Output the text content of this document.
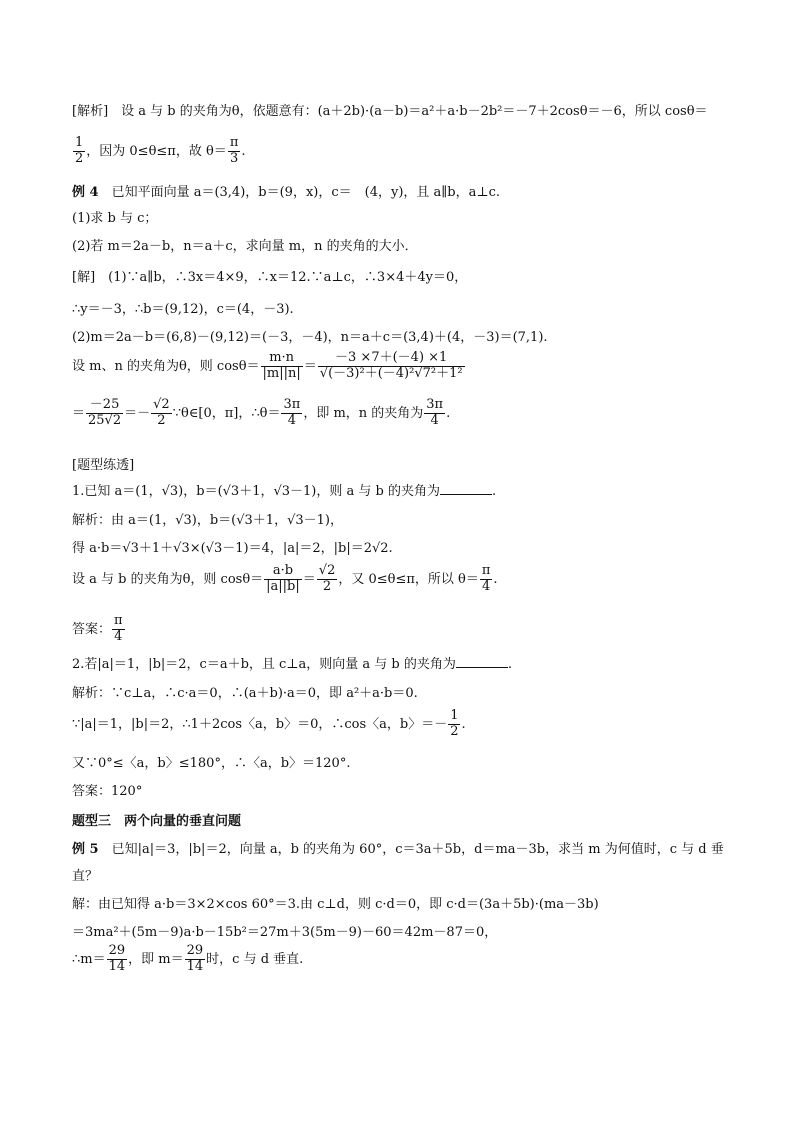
[解析]　设 a 与 b 的夹角为θ，依题意有：(a＋2b)·(a－b)＝a²＋a·b－2b²＝－7＋2cosθ＝－6，所以 cosθ＝
$\frac{1}{2}$ ，因为 0≤θ≤π，故 $\theta= \frac{\pi}{3}$ .
例 4　已知平面向量 a＝(3,4)，b＝(9，x)，c＝　(4，y)，且 a∥b，a⊥c.
(1)求 b 与 c；
(2)若 m＝2a－b，n＝a＋c，求向量 m，n 的夹角的大小．
[解]　(1)∵a∥b，∴3x＝4×9，∴x＝12.∵a⊥c，∴3×4＋4y＝0，
∴y＝－3，∴b＝(9,12)，c＝(4，－3).
(2)m＝2a－b＝(6,8)－(9,12)＝(－3，－4)，n＝a＋c＝(3,4)＋(4，－3)＝(7,1).
设 m、n 的夹角为θ，则 $\cos\theta= \frac{m\cdot n}{|m||n|} = \frac{-3 \times 7+(-4) \times 1}{\text{√(－3)²＋(－4)²√7²＋1²}}$
＝ $\frac{-25}{25√2} =- \frac{√2}{2}$ ∵θ∈[0，π]，∴θ＝ $\frac{3\pi}{4}$ ，即 m，n 的夹角为 $\frac{3\pi}{4}$ .
[题型练透]
1.已知 a＝(1，√3)，b＝(√3＋1，√3－1)，则 a 与 b 的夹角为	.
解析：由 a＝(1，√3)，b＝(√3＋1，√3－1)，
得 a·b＝√3＋1＋√3×(√3－1)＝4，|a|＝2，|b|＝2√2.
设 a 与 b 的夹角为θ，则 $\cos\theta= \frac{a\cdot b}{|a||b|} = \frac{√2}{2}$ ，又 0≤θ≤π，所以 $\theta= \frac{\pi}{4}$ .
答案： $\frac{\pi}{4}$
2.若|a|＝1，|b|＝2，c＝a＋b，且 c⊥a，则向量 a 与 b 的夹角为	.
解析：∵c⊥a，∴c·a＝0，∴(a＋b)·a＝0，即 a²＋a·b＝0.
∵|a|＝1，|b|＝2，∴1＋2cos〈a，b〉＝0，∴cos〈a，b〉＝－ $\frac{1}{2}$ .
又∵0°≤〈a，b〉≤180°，∴〈a，b〉＝120°.
答案：120°
题型三　两个向量的垂直问题
例 5　已知|a|＝3，|b|＝2，向量 a，b 的夹角为 60°，c＝3a＋5b，d＝ma－3b，求当 m 为何值时，c 与 d 垂
直？
解：由已知得 a·b＝3×2×cos 60°＝3.由 c⊥d，则 c·d＝0，即 c·d＝(3a＋5b)·(ma－3b)
＝3ma²＋(5m－9)a·b－15b²＝27m＋3(5m－9)－60＝42m－87＝0，
∴m＝ $\frac{29}{14}$ ，即 $m= \frac{29}{14}$ 时，c 与 d 垂直.
